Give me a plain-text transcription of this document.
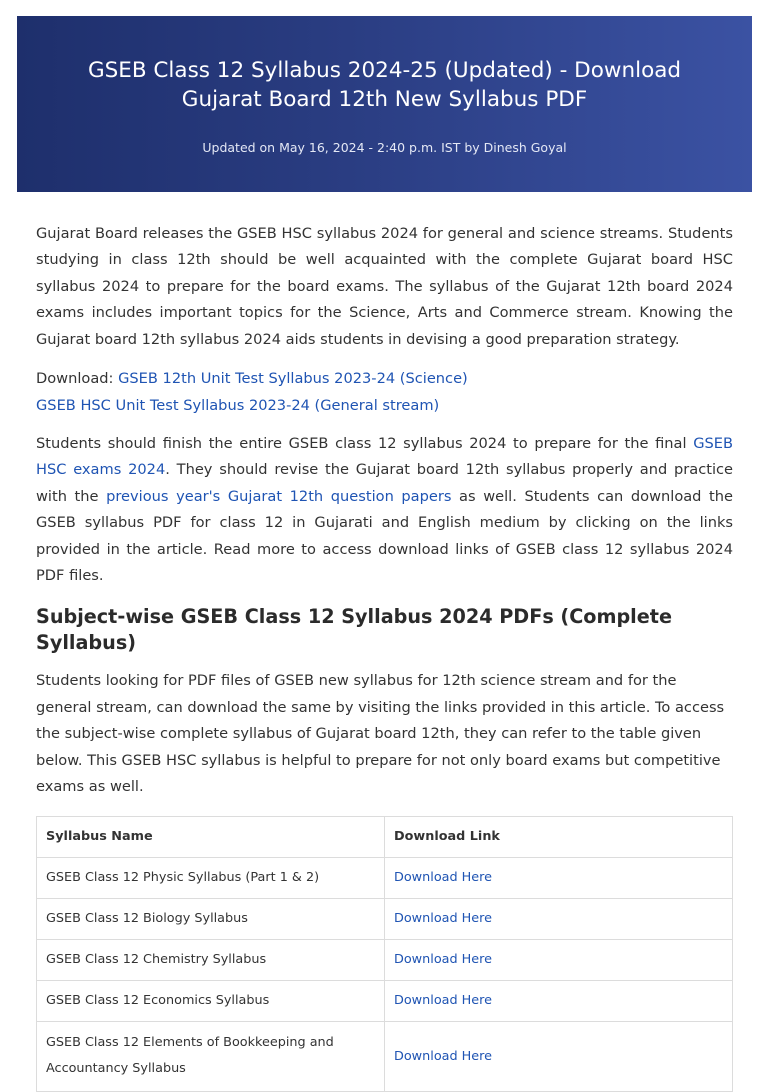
GSEB Class 12 Syllabus 2024-25 (Updated) - Download Gujarat Board 12th New Syllabus PDF
Updated on May 16, 2024 - 2:40 p.m. IST by Dinesh Goyal

Gujarat Board releases the GSEB HSC syllabus 2024 for general and science streams. Students studying in class 12th should be well acquainted with the complete Gujarat board HSC syllabus 2024 to prepare for the board exams. The syllabus of the Gujarat 12th board 2024 exams includes important topics for the Science, Arts and Commerce stream. Knowing the Gujarat board 12th syllabus 2024 aids students in devising a good preparation strategy.

Download: GSEB 12th Unit Test Syllabus 2023-24 (Science)
GSEB HSC Unit Test Syllabus 2023-24 (General stream)

Students should finish the entire GSEB class 12 syllabus 2024 to prepare for the final GSEB HSC exams 2024. They should revise the Gujarat board 12th syllabus properly and practice with the previous year's Gujarat 12th question papers as well. Students can download the GSEB syllabus PDF for class 12 in Gujarati and English medium by clicking on the links provided in the article. Read more to access download links of GSEB class 12 syllabus 2024 PDF files.

Subject-wise GSEB Class 12 Syllabus 2024 PDFs (Complete Syllabus)

Students looking for PDF files of GSEB new syllabus for 12th science stream and for the general stream, can download the same by visiting the links provided in this article. To access the subject-wise complete syllabus of Gujarat board 12th, they can refer to the table given below. This GSEB HSC syllabus is helpful to prepare for not only board exams but competitive exams as well.

Syllabus Name	Download Link
GSEB Class 12 Physic Syllabus (Part 1 & 2)	Download Here
GSEB Class 12 Biology Syllabus	Download Here
GSEB Class 12 Chemistry Syllabus	Download Here
GSEB Class 12 Economics Syllabus	Download Here
GSEB Class 12 Elements of Bookkeeping and Accountancy Syllabus	Download Here
